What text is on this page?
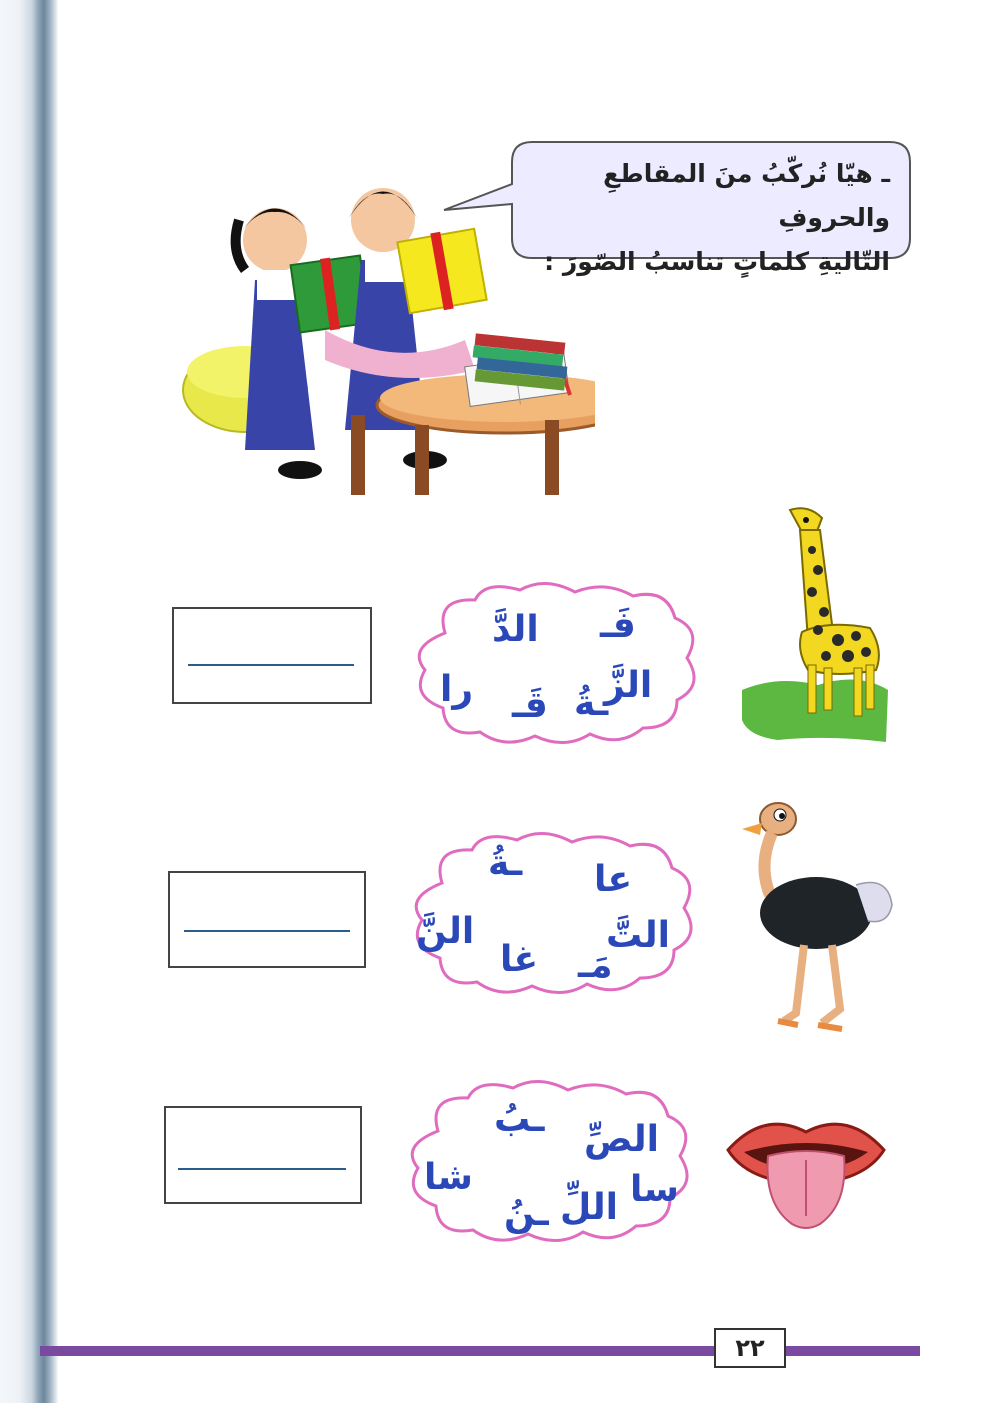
ـ هيّا نُركّبُ منَ المقاطعِ والحروفِ
التّاليةِ كلماتٍ تناسبُ الصّورَ :
فَـ
الدَّ
الزَّ
ـةُ
قَـ
را
عا
ـةُ
التَّ
النَّ
مَـ
غا
الصِّ
ـبُ
سا
شا
اللِّ
ـنُ
٢٢
